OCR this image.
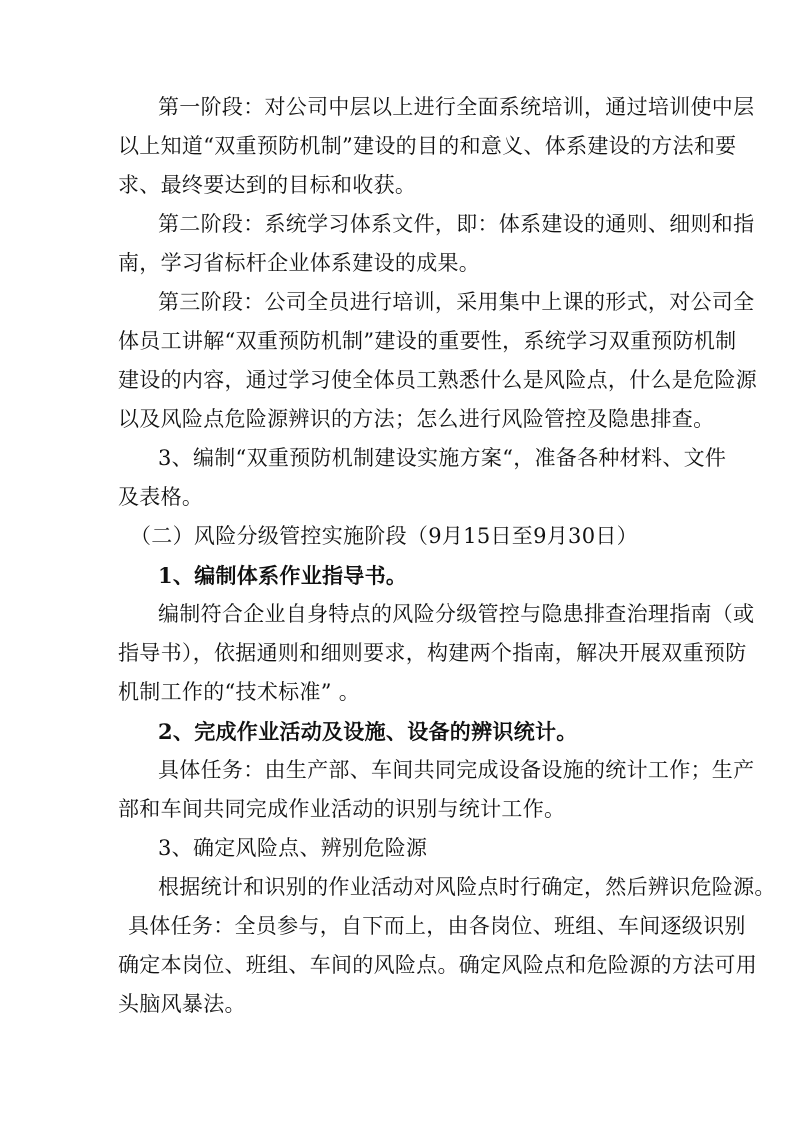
第一阶段：对公司中层以上进行全面系统培训，通过培训使中层
以上知道“双重预防机制”建设的目的和意义、体系建设的方法和要
求、最终要达到的目标和收获。
第二阶段：系统学习体系文件，即：体系建设的通则、细则和指
南，学习省标杆企业体系建设的成果。
第三阶段：公司全员进行培训，采用集中上课的形式，对公司全
体员工讲解“双重预防机制”建设的重要性，系统学习双重预防机制
建设的内容，通过学习使全体员工熟悉什么是风险点，什么是危险源
以及风险点危险源辨识的方法；怎么进行风险管控及隐患排查。
3、编制“双重预防机制建设实施方案“，准备各种材料、文件
及表格。
（二）风险分级管控实施阶段（9月15日至9月30日）
1、编制体系作业指导书。
编制符合企业自身特点的风险分级管控与隐患排查治理指南（或
指导书），依据通则和细则要求，构建两个指南，解决开展双重预防
机制工作的“技术标准” 。
2、完成作业活动及设施、设备的辨识统计。
具体任务：由生产部、车间共同完成设备设施的统计工作；生产
部和车间共同完成作业活动的识别与统计工作。
3、确定风险点、辨别危险源
根据统计和识别的作业活动对风险点时行确定，然后辨识危险源。
具体任务：全员参与，自下而上，由各岗位、班组、车间逐级识别
确定本岗位、班组、车间的风险点。确定风险点和危险源的方法可用
头脑风暴法。
